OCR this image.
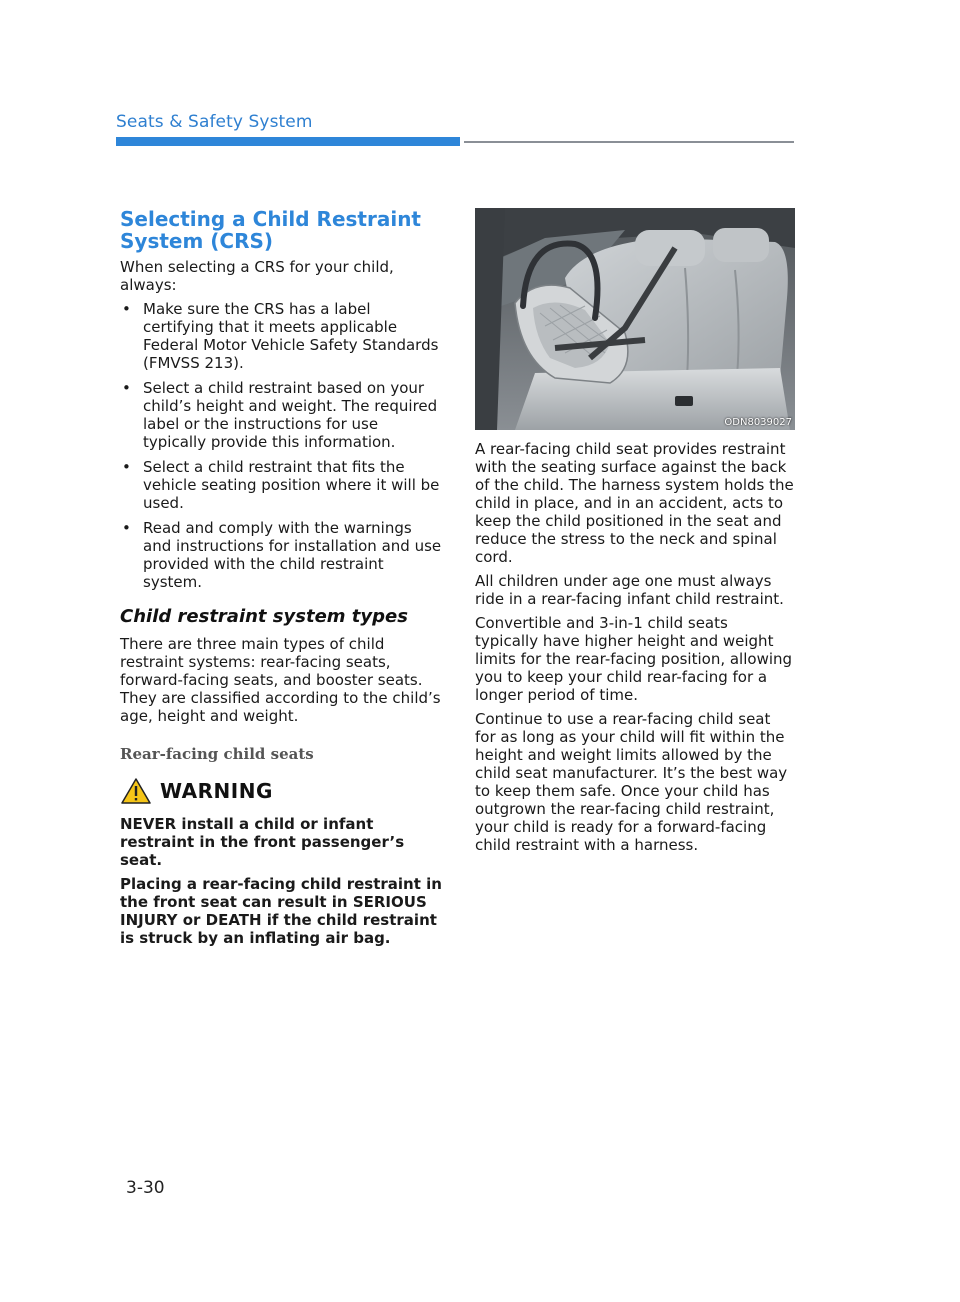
Seats & Safety System
Selecting a Child Restraint System (CRS)

When selecting a CRS for your child, always:

• Make sure the CRS has a label certifying that it meets applicable Federal Motor Vehicle Safety Standards (FMVSS 213).
• Select a child restraint based on your child’s height and weight. The required label or the instructions for use typically provide this information.
• Select a child restraint that fits the vehicle seating position where it will be used.
• Read and comply with the warnings and instructions for installation and use provided with the child restraint system.
Child restraint system types

There are three main types of child restraint systems: rear-facing seats, forward-facing seats, and booster seats. They are classified according to the child’s age, height and weight.

Rear-facing child seats
WARNING

NEVER install a child or infant restraint in the front passenger’s seat.

Placing a rear-facing child restraint in the front seat can result in SERIOUS INJURY or DEATH if the child restraint is struck by an inflating air bag.

ODN8039027

A rear-facing child seat provides restraint with the seating surface against the back of the child. The harness system holds the child in place, and in an accident, acts to keep the child positioned in the seat and reduce the stress to the neck and spinal cord.

All children under age one must always ride in a rear-facing infant child restraint.

Convertible and 3-in-1 child seats typically have higher height and weight limits for the rear-facing position, allowing you to keep your child rear-facing for a longer period of time.

Continue to use a rear-facing child seat for as long as your child will fit within the height and weight limits allowed by the child seat manufacturer. It’s the best way to keep them safe. Once your child has outgrown the rear-facing child restraint, your child is ready for a forward-facing child restraint with a harness.

3-30
